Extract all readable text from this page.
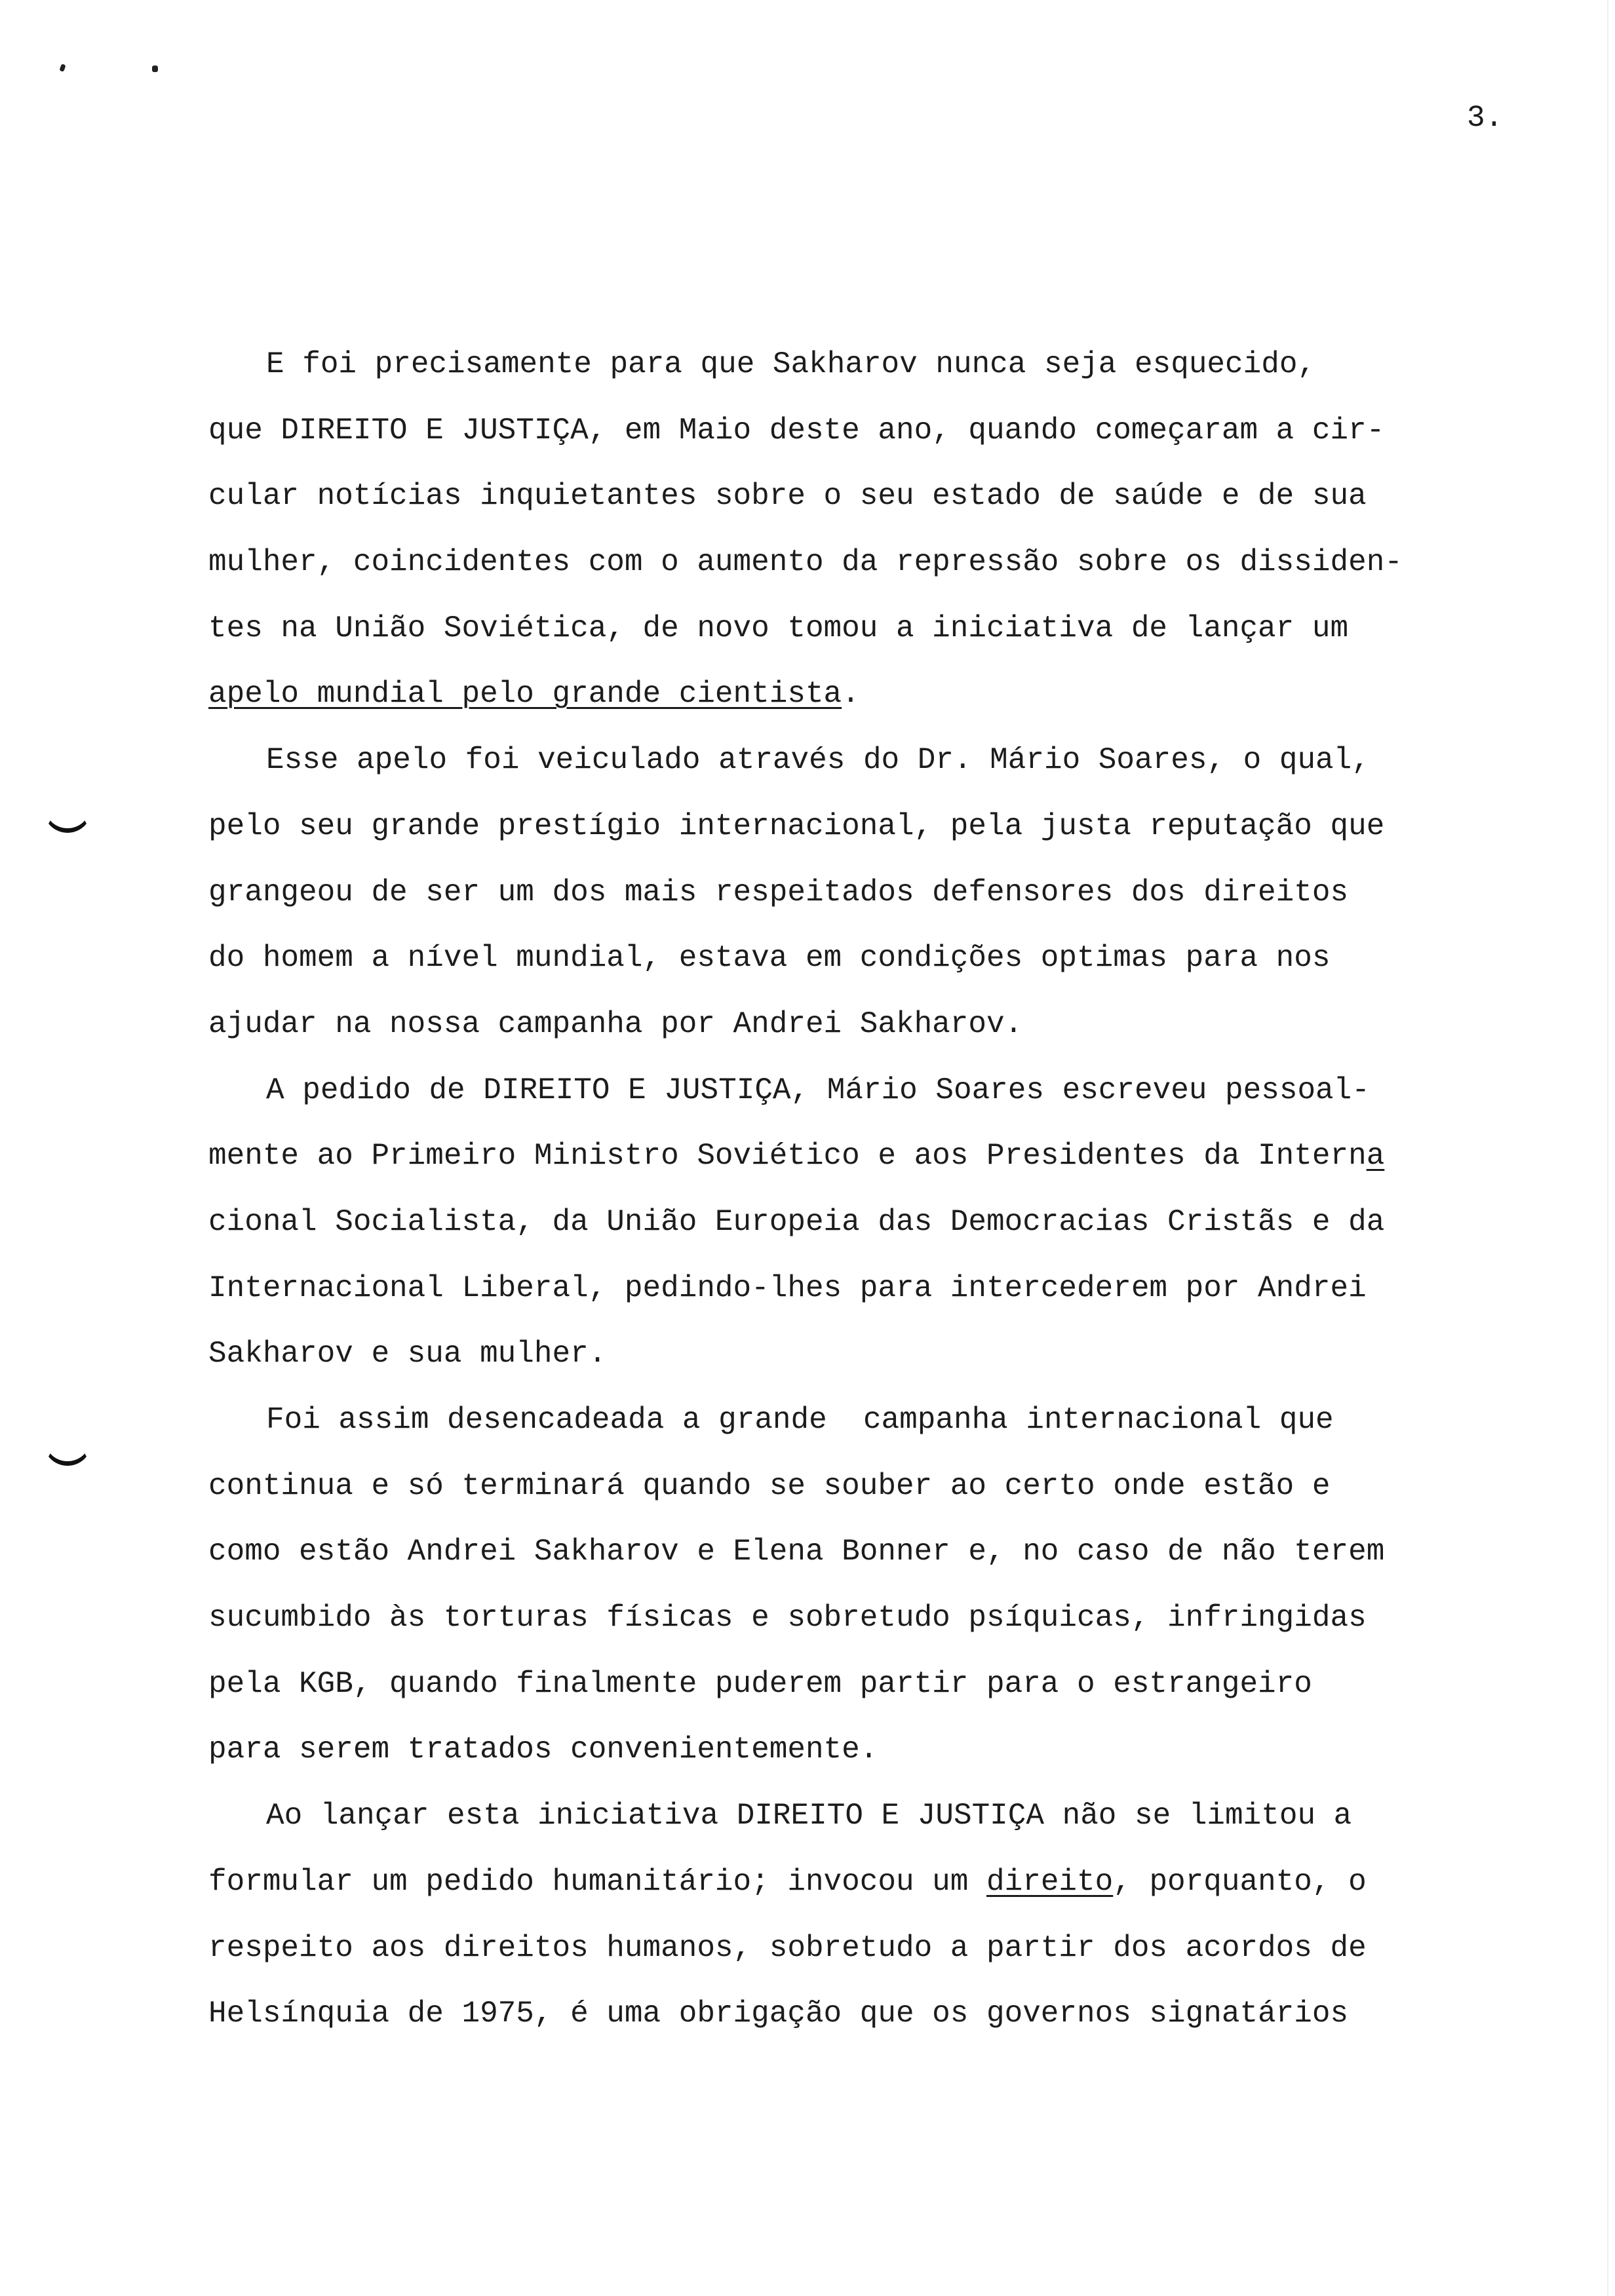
3.
E foi precisamente para que Sakharov nunca seja esquecido,
que DIREITO E JUSTIÇA, em Maio deste ano, quando começaram a cir-
cular notícias inquietantes sobre o seu estado de saúde e de sua
mulher, coincidentes com o aumento da repressão sobre os dissiden-
tes na União Soviética, de novo tomou a iniciativa de lançar um
apelo mundial pelo grande cientista.
Esse apelo foi veiculado através do Dr. Mário Soares, o qual,
pelo seu grande prestígio internacional, pela justa reputação que
grangeou de ser um dos mais respeitados defensores dos direitos
do homem a nível mundial, estava em condições optimas para nos
ajudar na nossa campanha por Andrei Sakharov.
A pedido de DIREITO E JUSTIÇA, Mário Soares escreveu pessoal-
mente ao Primeiro Ministro Soviético e aos Presidentes da Interna
cional Socialista, da União Europeia das Democracias Cristãs e da
Internacional Liberal, pedindo-lhes para intercederem por Andrei
Sakharov e sua mulher.
Foi assim desencadeada a grande  campanha internacional que
continua e só terminará quando se souber ao certo onde estão e
como estão Andrei Sakharov e Elena Bonner e, no caso de não terem
sucumbido às torturas físicas e sobretudo psíquicas, infringidas
pela KGB, quando finalmente puderem partir para o estrangeiro
para serem tratados convenientemente.
Ao lançar esta iniciativa DIREITO E JUSTIÇA não se limitou a
formular um pedido humanitário; invocou um direito, porquanto, o
respeito aos direitos humanos, sobretudo a partir dos acordos de
Helsínquia de 1975, é uma obrigação que os governos signatários
